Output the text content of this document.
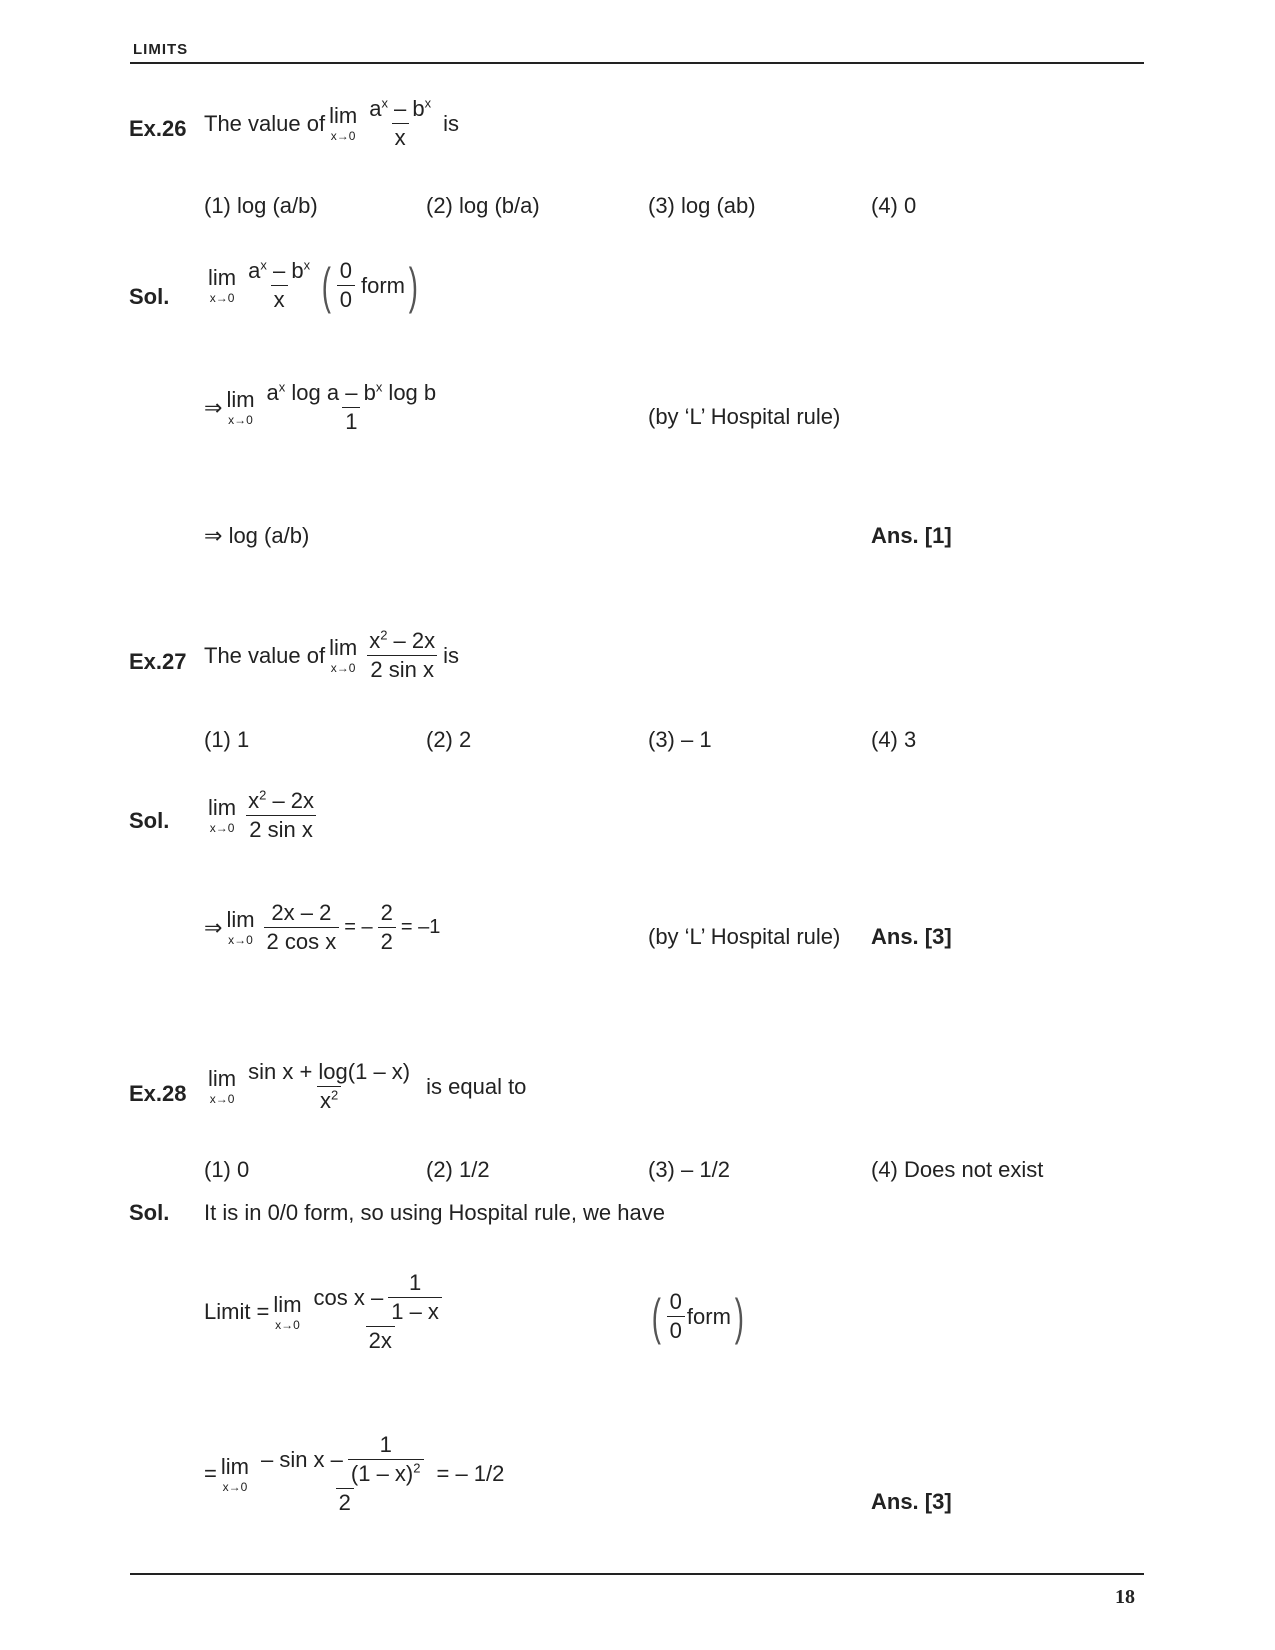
LIMITS
Ex.26 The value of lim
$x\to 0 \frac{a^x - b^x}{x}$ is
(1) log (a/b)	(2) log (b/a)	(3) log (ab)	(4) 0
Sol.
lim
$x\to 0 \frac{a^x - b^x}{x}$ ( $\frac{0}{0}$ form )
⇒ lim
$x\to 0 \frac{a^x \log a - b^x \log b}{1}$	(by ‘L’ Hospital rule)
⇒ log (a/b)	Ans. [1]
Ex.27 The value of lim
$x\to 0 \frac{x^2 - 2x}{\text{2 sin x}}$ is
(1) 1	(2) 2	(3) – 1	(4) 3
Sol.
lim
$x\to 0 \frac{x^2 - 2x}{\text{2 sin x}}$
⇒ lim
$x\to 0 \frac{2x - 2}{\text{2 cos x}}$ = – $\frac{2}{2} = -1$	(by ‘L’ Hospital rule) Ans. [3]
Ex.28
lim
$x\to 0 \frac{\text{sin x + log(1 – x)}}{x^2}$ is equal to
(1) 0	(2) 1/2	(3) – 1/2	(4) Does not exist
Sol. It is in 0/0 form, so using Hospital rule, we have
Limit = lim
$x\to 0 \frac{\cos x - \frac{1}{1 - x}}{2x}$	( $\frac{0}{0}$ form )
= lim
$x\to 0 \frac{- \sin x - \frac{1}{(1 - x)^2}}{2}$ = – 1/2
Ans. [3]
18
